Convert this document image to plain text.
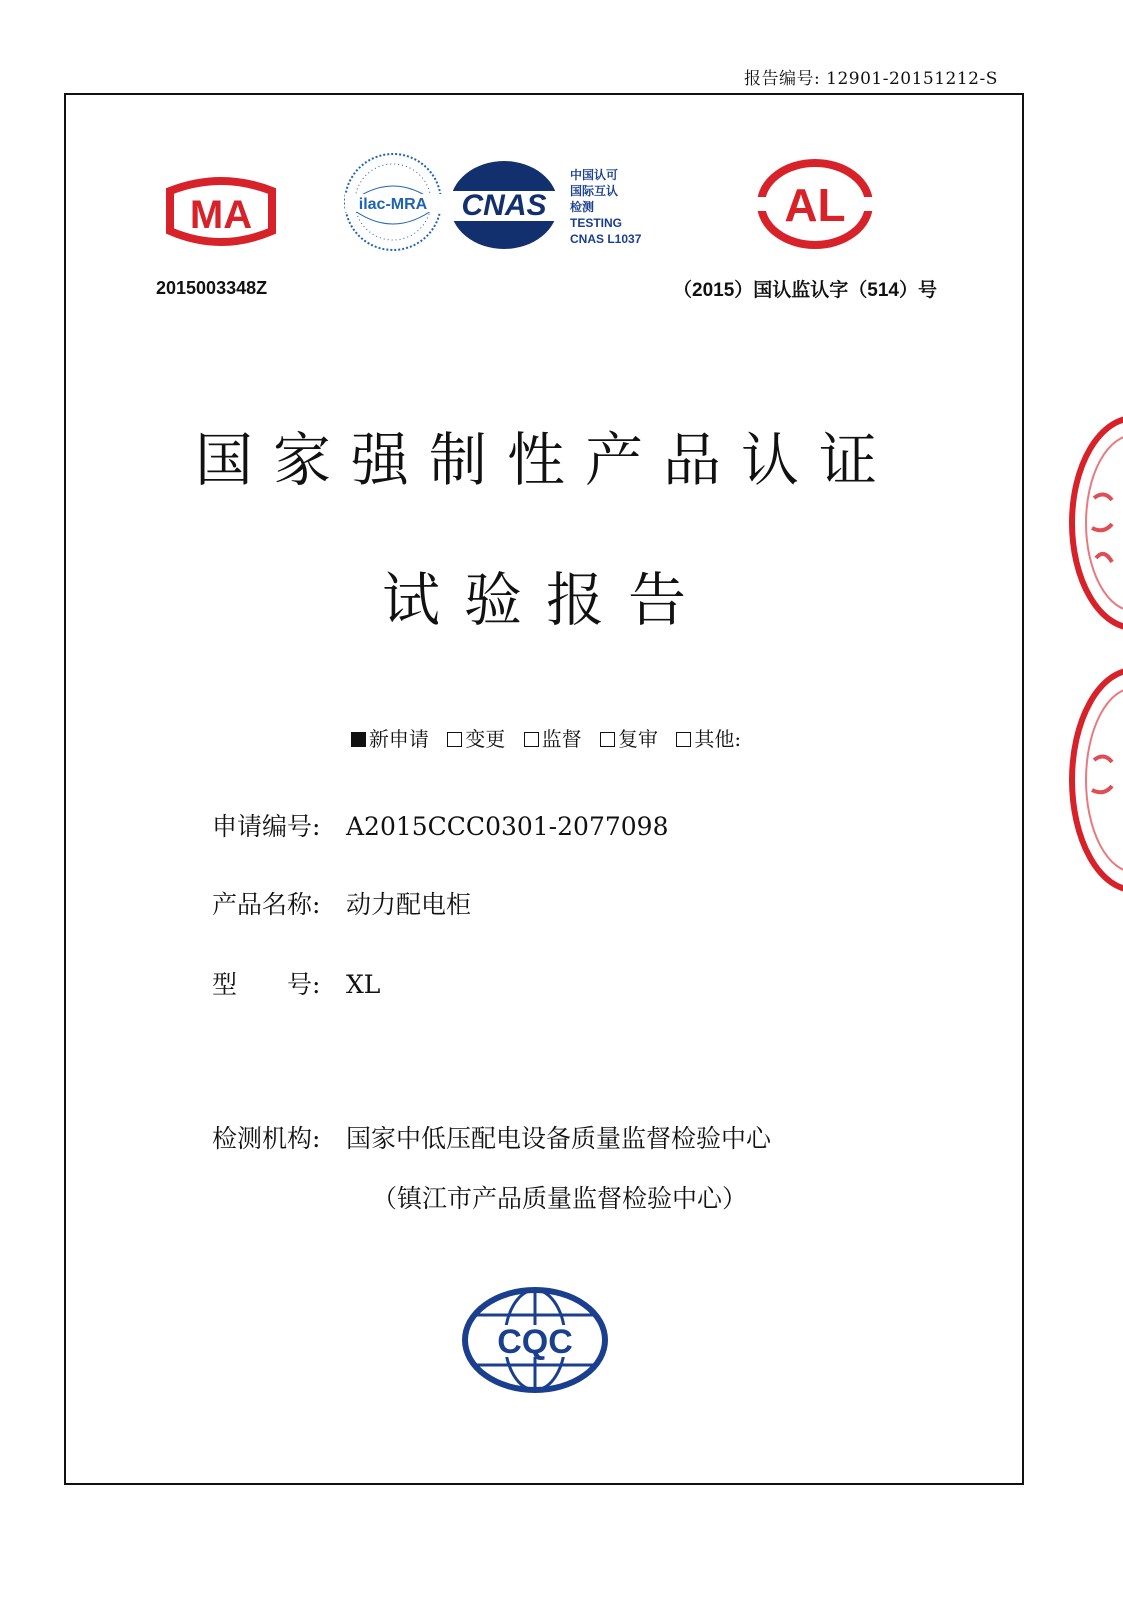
报告编号: 12901-20151212-S
MA
2015003348Z
ilac-MRA CNAS
中国认可
国际互认
检测
TESTING
CNAS L1037
AL
（2015）国认监认字（514）号
国家强制性产品认证
试验报告
新申请 变更 监督 复审 其他:
申请编号: A2015CCC0301-2077098
产品名称: 动力配电柜
型　　号: XL
检测机构: 国家中低压配电设备质量监督检验中心
（镇江市产品质量监督检验中心）
CQC
